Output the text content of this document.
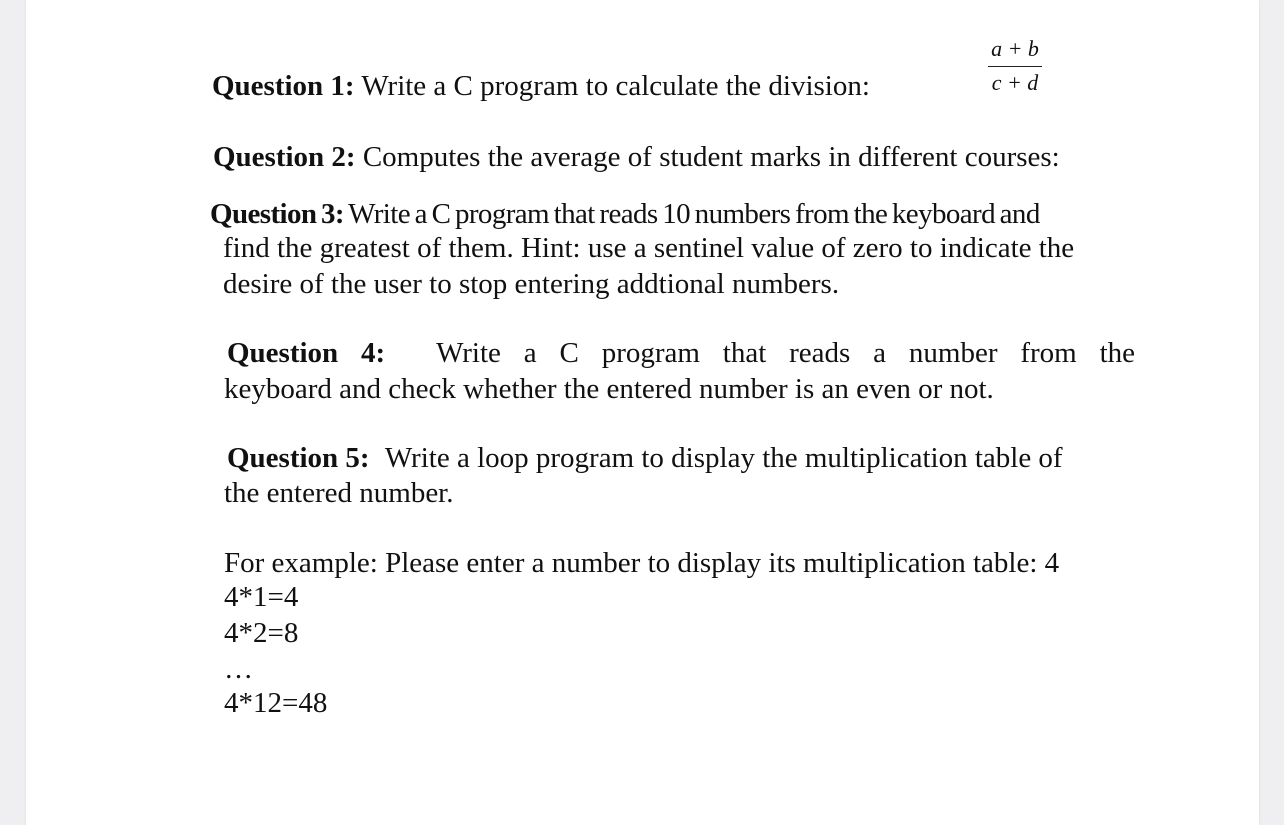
Question 1: Write a C program to calculate the division:
a + b
c + d
Question 2: Computes the average of student marks in different courses:
Question 3: Write a C program that reads 10 numbers from the keyboard and
find the greatest of them. Hint: use a sentinel value of zero to indicate the
desire of the user to stop entering addtional numbers.
Question 4: Write a C program that reads a number from the
keyboard and check whether the entered number is an even or not.
Question 5: Write a loop program to display the multiplication table of
the entered number.
For example: Please enter a number to display its multiplication table: 4
4*1=4
4*2=8
…
4*12=48
